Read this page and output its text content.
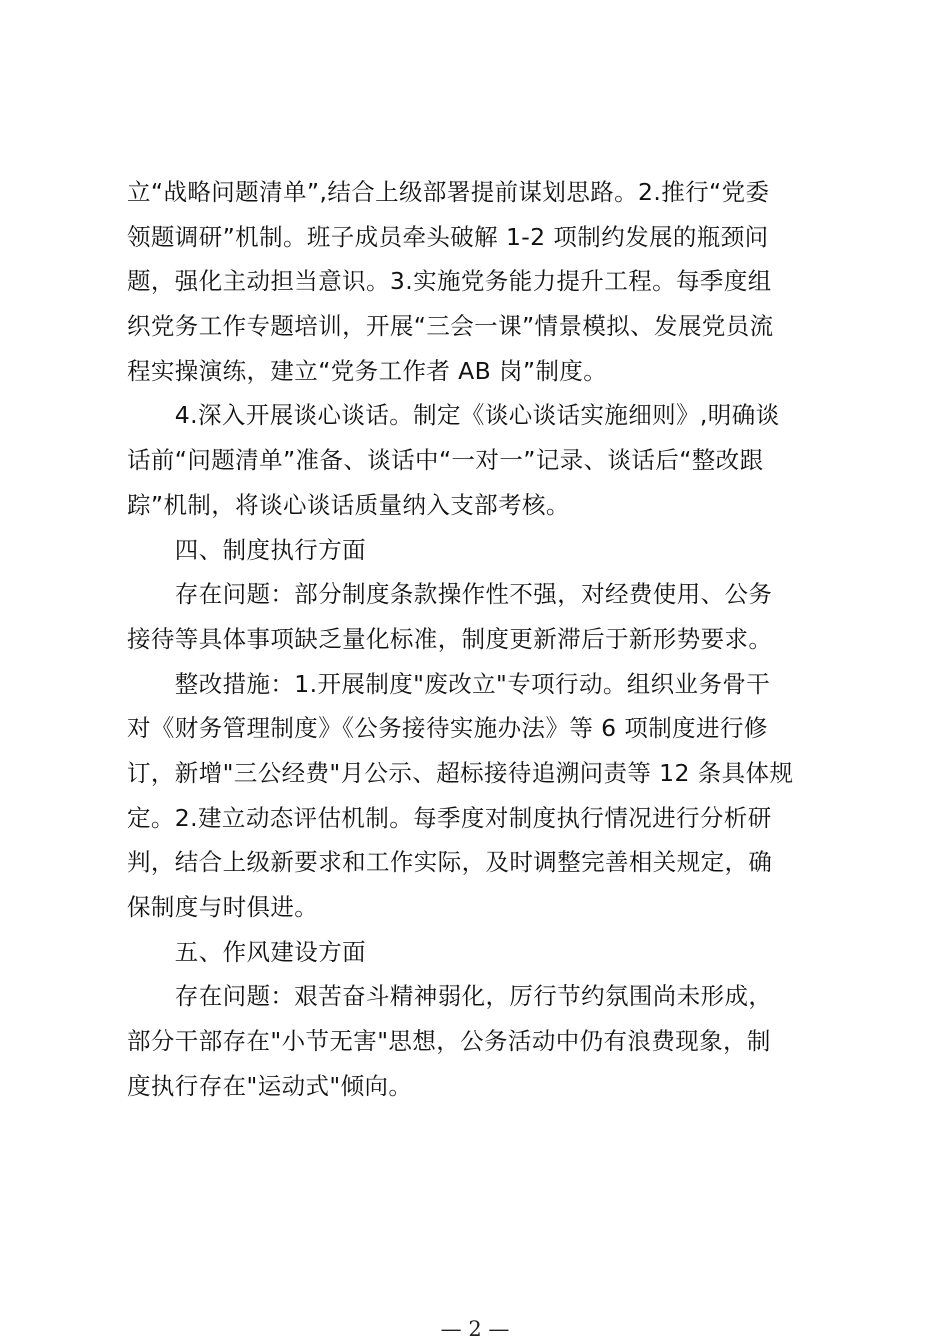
立“战略问题清单”,结合上级部署提前谋划思路。2.推行“党委
领题调研”机制。班子成员牵头破解 1-2 项制约发展的瓶颈问
题，强化主动担当意识。3.实施党务能力提升工程。每季度组
织党务工作专题培训，开展“三会一课”情景模拟、发展党员流
程实操演练，建立“党务工作者 AB 岗”制度。
　　4.深入开展谈心谈话。制定《谈心谈话实施细则》,明确谈
话前“问题清单”准备、谈话中“一对一”记录、谈话后“整改跟
踪”机制，将谈心谈话质量纳入支部考核。
　　四、制度执行方面
　　存在问题：部分制度条款操作性不强，对经费使用、公务
接待等具体事项缺乏量化标准，制度更新滞后于新形势要求。
　　整改措施：1.开展制度"废改立"专项行动。组织业务骨干
对《财务管理制度》《公务接待实施办法》等 6 项制度进行修
订，新增"三公经费"月公示、超标接待追溯问责等 12 条具体规
定。2.建立动态评估机制。每季度对制度执行情况进行分析研
判，结合上级新要求和工作实际，及时调整完善相关规定，确
保制度与时俱进。
　　五、作风建设方面
　　存在问题：艰苦奋斗精神弱化，厉行节约氛围尚未形成，
部分干部存在"小节无害"思想，公务活动中仍有浪费现象，制
度执行存在"运动式"倾向。
— 2 —
